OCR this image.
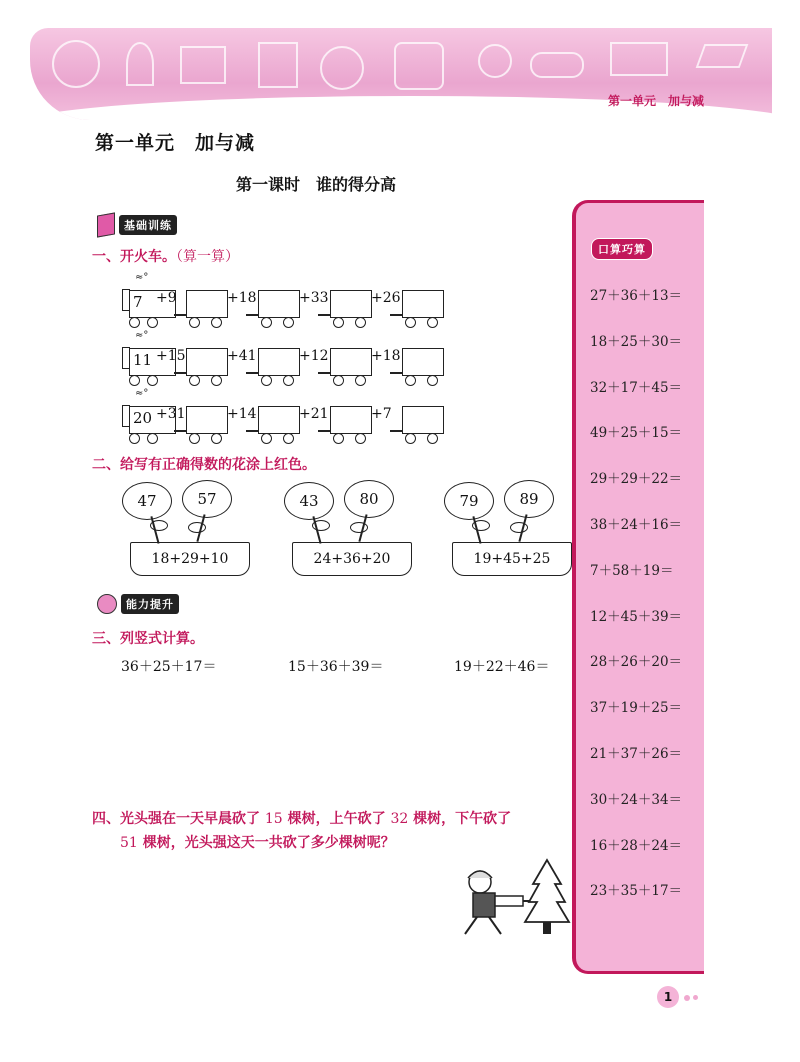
第一单元　加与减
第一单元　加与减
第一课时　谁的得分高
基础训练
一、开火车。（算一算）
≈°
7 +9	+18	+33	+26
≈°
11 +15	+41	+12	+18
≈°
20 +31	+14	+21	+7
二、给写有正确得数的花涂上红色。
47	57
18+29+10
43	80
24+36+20
79	89
19+45+25
能力提升
三、列竖式计算。
36＋25＋17＝	15＋36＋39＝	19＋22＋46＝
四、光头强在一天早晨砍了 15 棵树，上午砍了 32 棵树，下午砍了
51 棵树，光头强这天一共砍了多少棵树呢？
口算巧算
27＋36＋13＝
18＋25＋30＝
32＋17＋45＝
49＋25＋15＝
29＋29＋22＝
38＋24＋16＝
7＋58＋19＝
12＋45＋39＝
28＋26＋20＝
37＋19＋25＝
21＋37＋26＝
30＋24＋34＝
16＋28＋24＝
23＋35＋17＝
1
